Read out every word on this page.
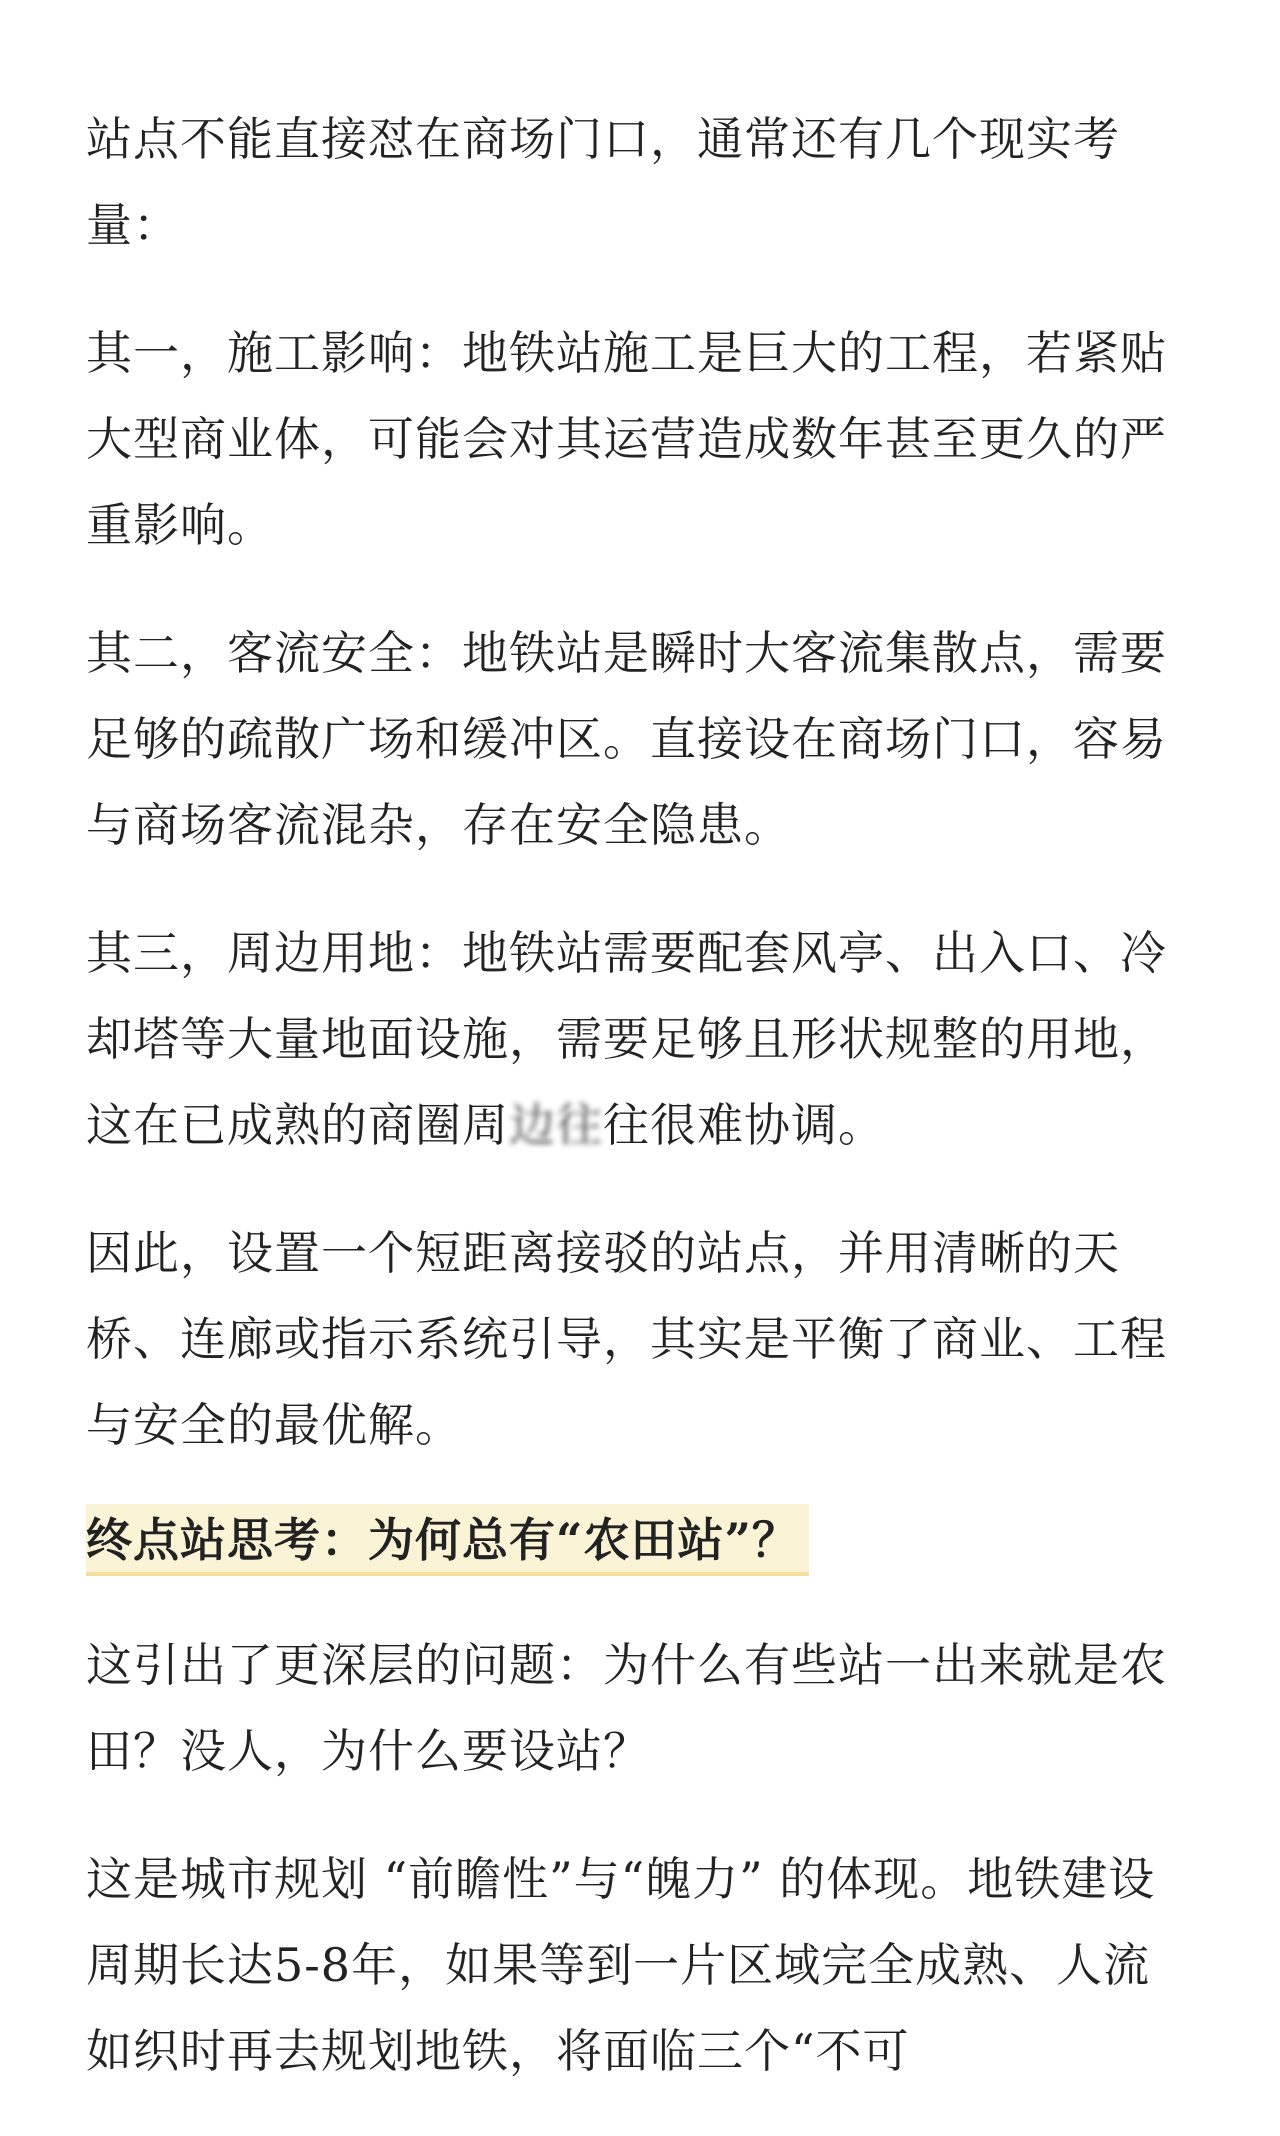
站点不能直接怼在商场门口，通常还有几个现实考量：

其一，施工影响：地铁站施工是巨大的工程，若紧贴大型商业体，可能会对其运营造成数年甚至更久的严重影响。

其二，客流安全：地铁站是瞬时大客流集散点，需要足够的疏散广场和缓冲区。直接设在商场门口，容易与商场客流混杂，存在安全隐患。

其三，周边用地：地铁站需要配套风亭、出入口、冷却塔等大量地面设施，需要足够且形状规整的用地，这在已成熟的商圈周边往往很难协调。

因此，设置一个短距离接驳的站点，并用清晰的天桥、连廊或指示系统引导，其实是平衡了商业、工程与安全的最优解。

终点站思考：为何总有“农田站”？

这引出了更深层的问题：为什么有些站一出来就是农田？没人，为什么要设站？

这是城市规划 “前瞻性”与“魄力” 的体现。地铁建设周期长达5-8年，如果等到一片区域完全成熟、人流如织时再去规划地铁，将面临三个“不可
